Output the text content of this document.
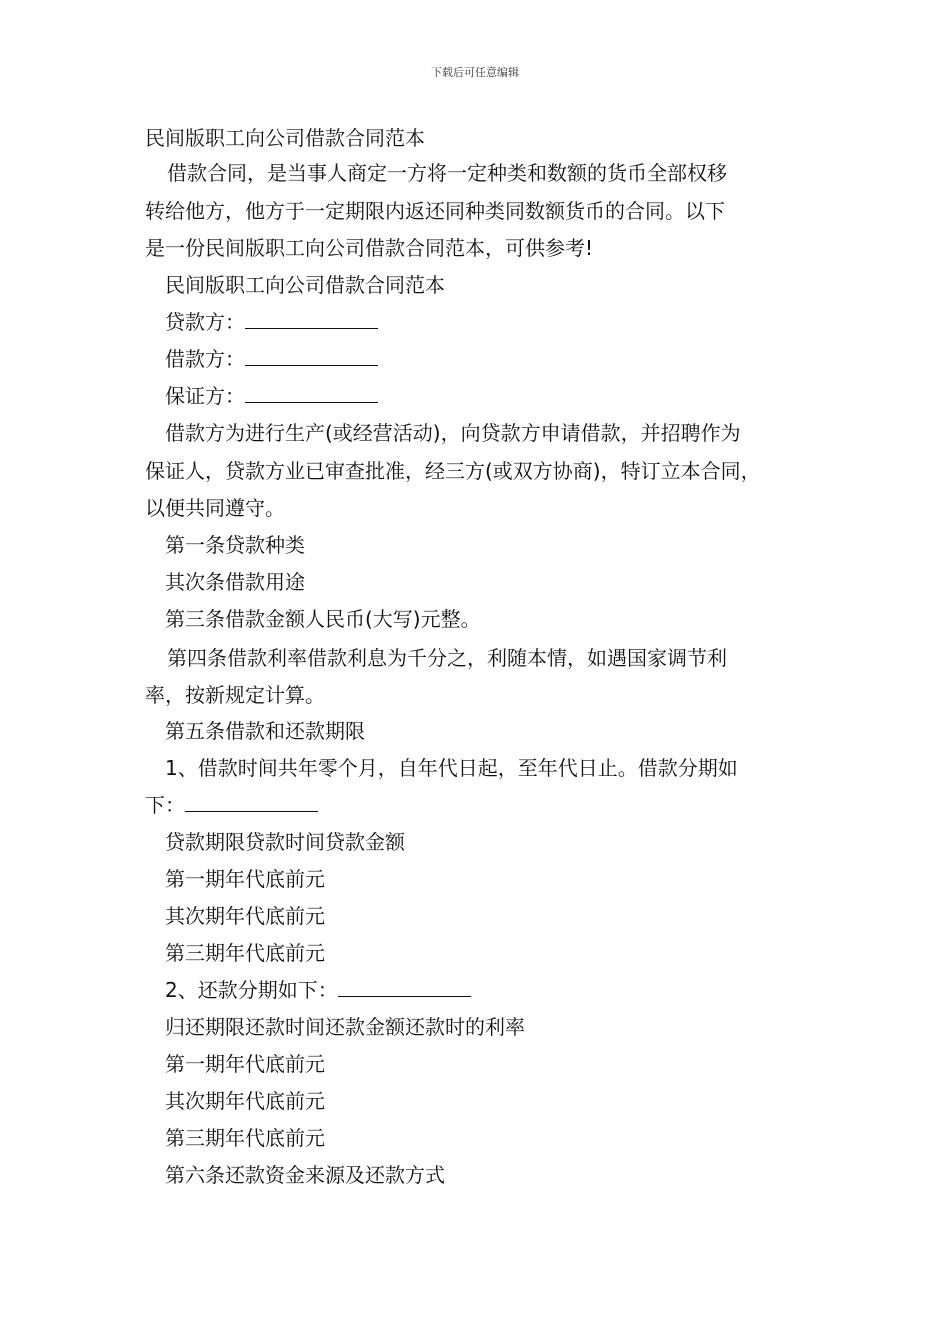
下载后可任意编辑
民间版职工向公司借款合同范本
借款合同，是当事人商定一方将一定种类和数额的货币全部权移
转给他方，他方于一定期限内返还同种类同数额货币的合同。以下
是一份民间版职工向公司借款合同范本，可供参考!
民间版职工向公司借款合同范本
贷款方：
借款方：
保证方：
借款方为进行生产(或经营活动)，向贷款方申请借款，并招聘作为
保证人，贷款方业已审查批准，经三方(或双方协商)，特订立本合同，
以便共同遵守。
第一条贷款种类
其次条借款用途
第三条借款金额人民币(大写)元整。
第四条借款利率借款利息为千分之，利随本情，如遇国家调节利
率，按新规定计算。
第五条借款和还款期限
1、借款时间共年零个月，自年代日起，至年代日止。借款分期如
下：
贷款期限贷款时间贷款金额
第一期年代底前元
其次期年代底前元
第三期年代底前元
2、还款分期如下：
归还期限还款时间还款金额还款时的利率
第一期年代底前元
其次期年代底前元
第三期年代底前元
第六条还款资金来源及还款方式
